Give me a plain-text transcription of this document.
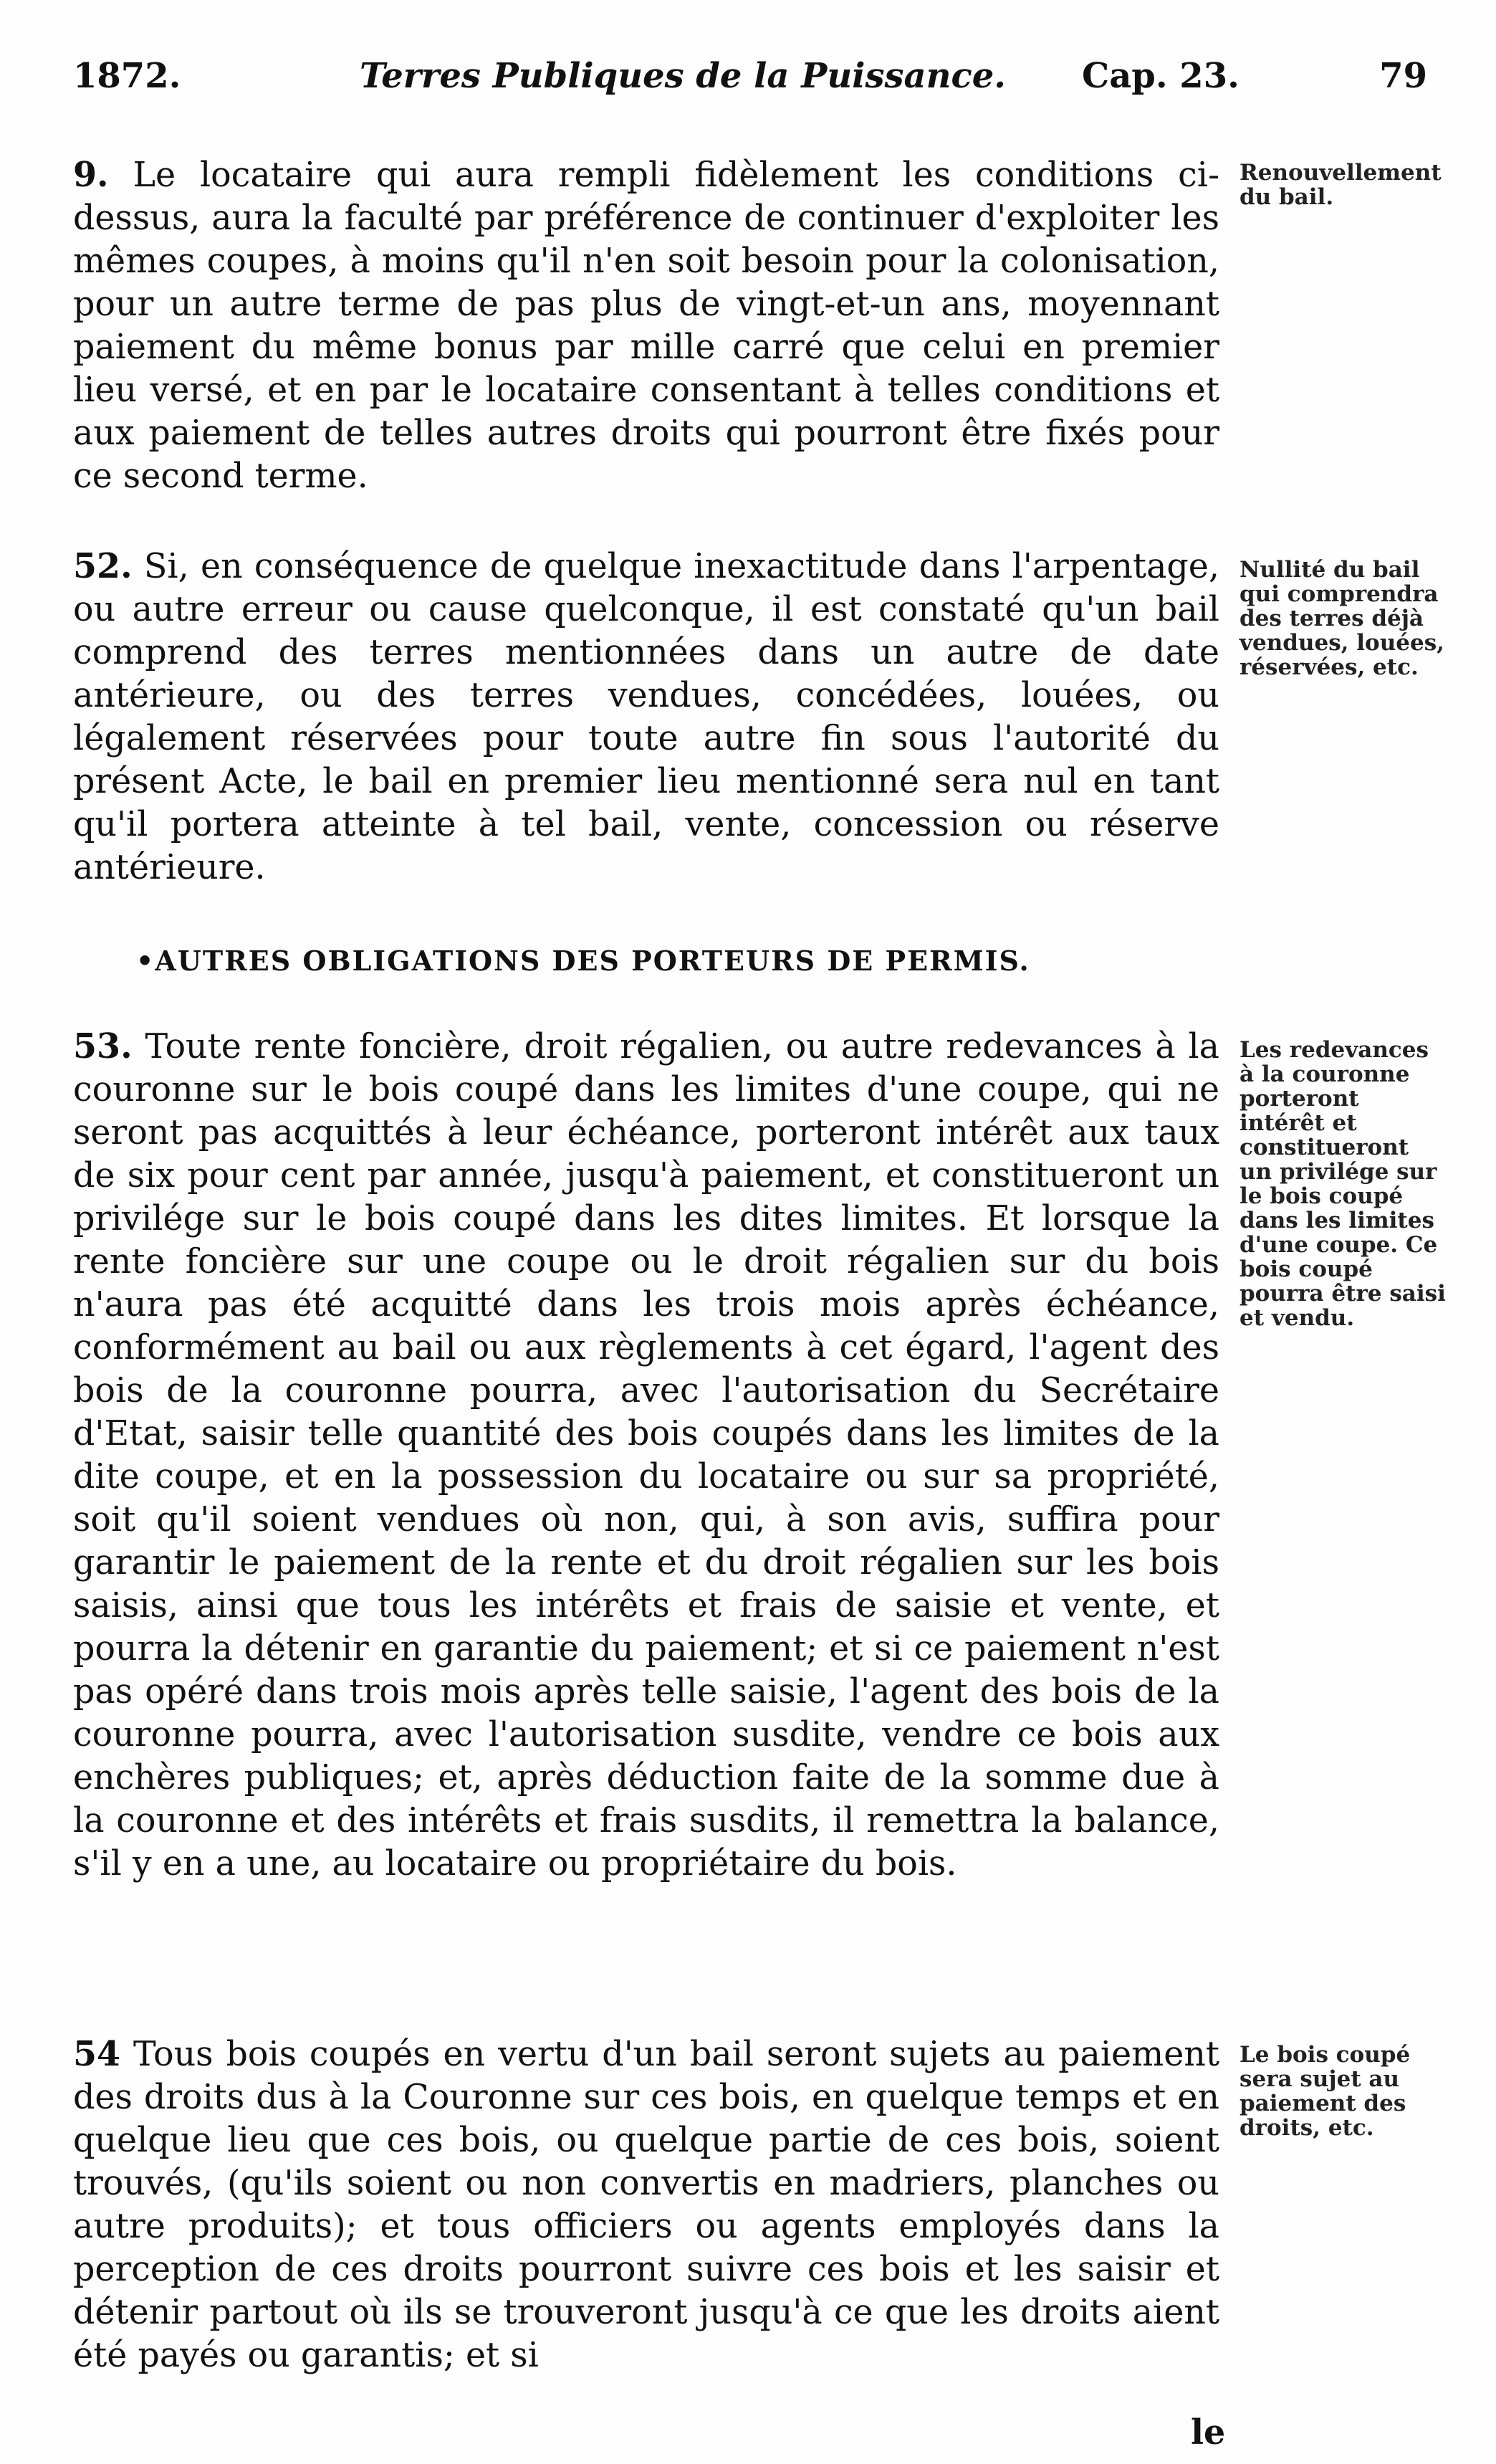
1872.	Terres Publiques de la Puissance. Cap. 23.	79

9. Le locataire qui aura rempli fidèlement les conditions ci-dessus, aura la faculté par préférence de continuer d'exploiter les mêmes coupes, à moins qu'il n'en soit besoin pour la colonisation, pour un autre terme de pas plus de vingt-et-un ans, moyennant paiement du même bonus par mille carré que celui en premier lieu versé, et en par le locataire consentant à telles conditions et aux paiement de telles autres droits qui pourront être fixés pour ce second terme.

Renouvellement du bail.

52. Si, en conséquence de quelque inexactitude dans l'arpentage, ou autre erreur ou cause quelconque, il est constaté qu'un bail comprend des terres mentionnées dans un autre de date antérieure, ou des terres vendues, concédées, louées, ou légalement réservées pour toute autre fin sous l'autorité du présent Acte, le bail en premier lieu mentionné sera nul en tant qu'il portera atteinte à tel bail, vente, concession ou réserve antérieure.

Nullité du bail qui comprendra des terres déjà vendues, louées, réservées, etc.

•AUTRES OBLIGATIONS DES PORTEURS DE PERMIS.

53. Toute rente foncière, droit régalien, ou autre redevances à la couronne sur le bois coupé dans les limites d'une coupe, qui ne seront pas acquittés à leur échéance, porteront intérêt aux taux de six pour cent par année, jusqu'à paiement, et constitueront un privilége sur le bois coupé dans les dites limites. Et lorsque la rente foncière sur une coupe ou le droit régalien sur du bois n'aura pas été acquitté dans les trois mois après échéance, conformément au bail ou aux règlements à cet égard, l'agent des bois de la couronne pourra, avec l'autorisation du Secrétaire d'Etat, saisir telle quantité des bois coupés dans les limites de la dite coupe, et en la possession du locataire ou sur sa propriété, soit qu'il soient vendues où non, qui, à son avis, suffira pour garantir le paiement de la rente et du droit régalien sur les bois saisis, ainsi que tous les intérêts et frais de saisie et vente, et pourra la détenir en garantie du paiement; et si ce paiement n'est pas opéré dans trois mois après telle saisie, l'agent des bois de la couronne pourra, avec l'autorisation susdite, vendre ce bois aux enchères publiques; et, après déduction faite de la somme due à la couronne et des intérêts et frais susdits, il remettra la balance, s'il y en a une, au locataire ou propriétaire du bois.

Les redevances à la couronne porteront intérêt et constitueront un privilége sur le bois coupé dans les limites d'une coupe. Ce bois coupé pourra être saisi et vendu.

54 Tous bois coupés en vertu d'un bail seront sujets au paiement des droits dus à la Couronne sur ces bois, en quelque temps et en quelque lieu que ces bois, ou quelque partie de ces bois, soient trouvés, (qu'ils soient ou non convertis en madriers, planches ou autre produits); et tous officiers ou agents employés dans la perception de ces droits pourront suivre ces bois et les saisir et détenir partout où ils se trouveront jusqu'à ce que les droits aient été payés ou garantis; et si

Le bois coupé sera sujet au paiement des droits, etc.

le
